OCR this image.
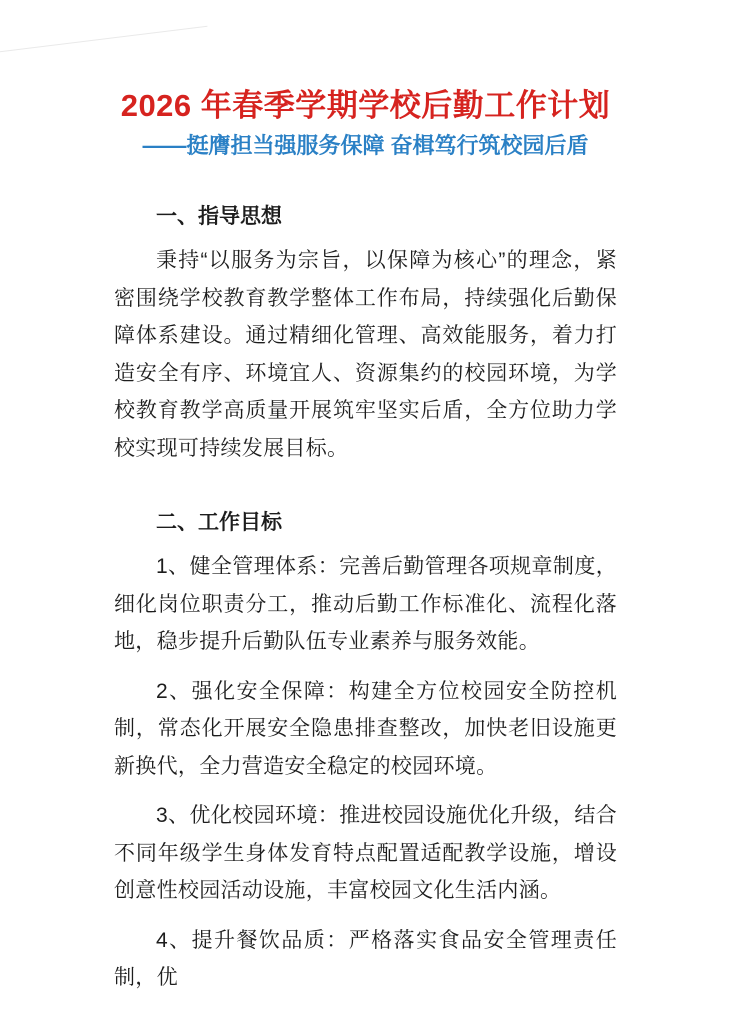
2026 年春季学期学校后勤工作计划
——挺膺担当强服务保障 奋楫笃行筑校园后盾
一、指导思想

秉持“以服务为宗旨，以保障为核心”的理念，紧密围绕学校教育教学整体工作布局，持续强化后勤保障体系建设。通过精细化管理、高效能服务，着力打造安全有序、环境宜人、资源集约的校园环境，为学校教育教学高质量开展筑牢坚实后盾，全方位助力学校实现可持续发展目标。

二、工作目标

1、健全管理体系：完善后勤管理各项规章制度，细化岗位职责分工，推动后勤工作标准化、流程化落地，稳步提升后勤队伍专业素养与服务效能。

2、强化安全保障：构建全方位校园安全防控机制，常态化开展安全隐患排查整改，加快老旧设施更新换代，全力营造安全稳定的校园环境。

3、优化校园环境：推进校园设施优化升级，结合不同年级学生身体发育特点配置适配教学设施，增设创意性校园活动设施，丰富校园文化生活内涵。

4、提升餐饮品质：严格落实食品安全管理责任制，优
